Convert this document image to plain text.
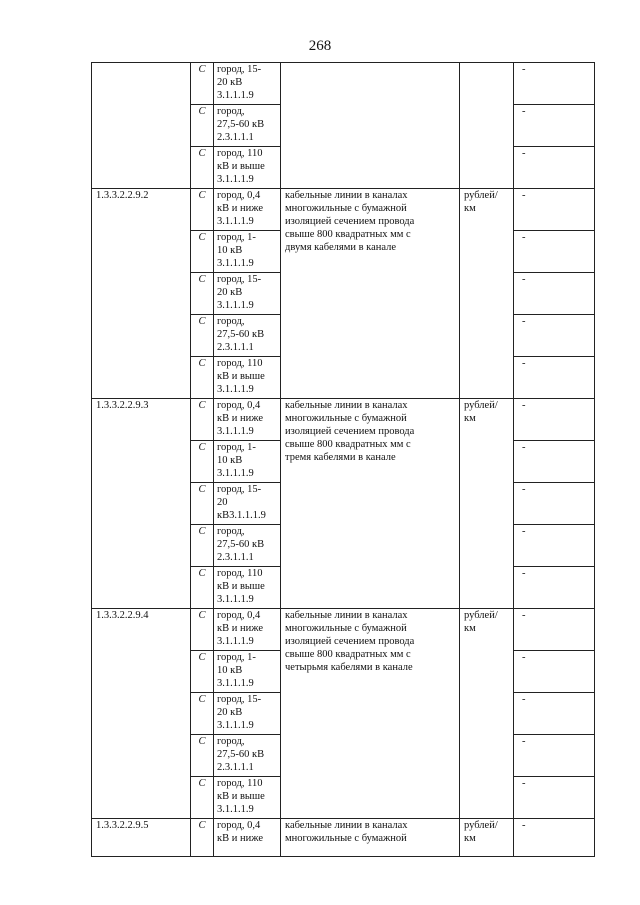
268
	С	город, 15-
20 кВ
3.1.1.1.9			-
	С	город,
27,5-60 кВ
2.3.1.1.1			-
	С	город, 110
кВ и выше
3.1.1.1.9			-
1.3.3.2.2.9.2	С	город, 0,4
кВ и ниже
3.1.1.1.9	кабельные линии в каналах
многожильные с бумажной
изоляцией сечением провода
свыше 800 квадратных мм с
двумя кабелями в канале	рублей/
км	-
	С	город, 1-
10 кВ
3.1.1.1.9			-
	С	город, 15-
20 кВ
3.1.1.1.9			-
	С	город,
27,5-60 кВ
2.3.1.1.1			-
	С	город, 110
кВ и выше
3.1.1.1.9			-
1.3.3.2.2.9.3	С	город, 0,4
кВ и ниже
3.1.1.1.9	кабельные линии в каналах
многожильные с бумажной
изоляцией сечением провода
свыше 800 квадратных мм с
тремя кабелями в канале	рублей/
км	-
	С	город, 1-
10 кВ
3.1.1.1.9			-
	С	город, 15-
20
кВ3.1.1.1.9			-
	С	город,
27,5-60 кВ
2.3.1.1.1			-
	С	город, 110
кВ и выше
3.1.1.1.9			-
1.3.3.2.2.9.4	С	город, 0,4
кВ и ниже
3.1.1.1.9	кабельные линии в каналах
многожильные с бумажной
изоляцией сечением провода
свыше 800 квадратных мм с
четырьмя кабелями в канале	рублей/
км	-
	С	город, 1-
10 кВ
3.1.1.1.9			-
	С	город, 15-
20 кВ
3.1.1.1.9			-
	С	город,
27,5-60 кВ
2.3.1.1.1			-
	С	город, 110
кВ и выше
3.1.1.1.9			-
1.3.3.2.2.9.5	С	город, 0,4
кВ и ниже	кабельные линии в каналах
многожильные с бумажной	рублей/
км	-
